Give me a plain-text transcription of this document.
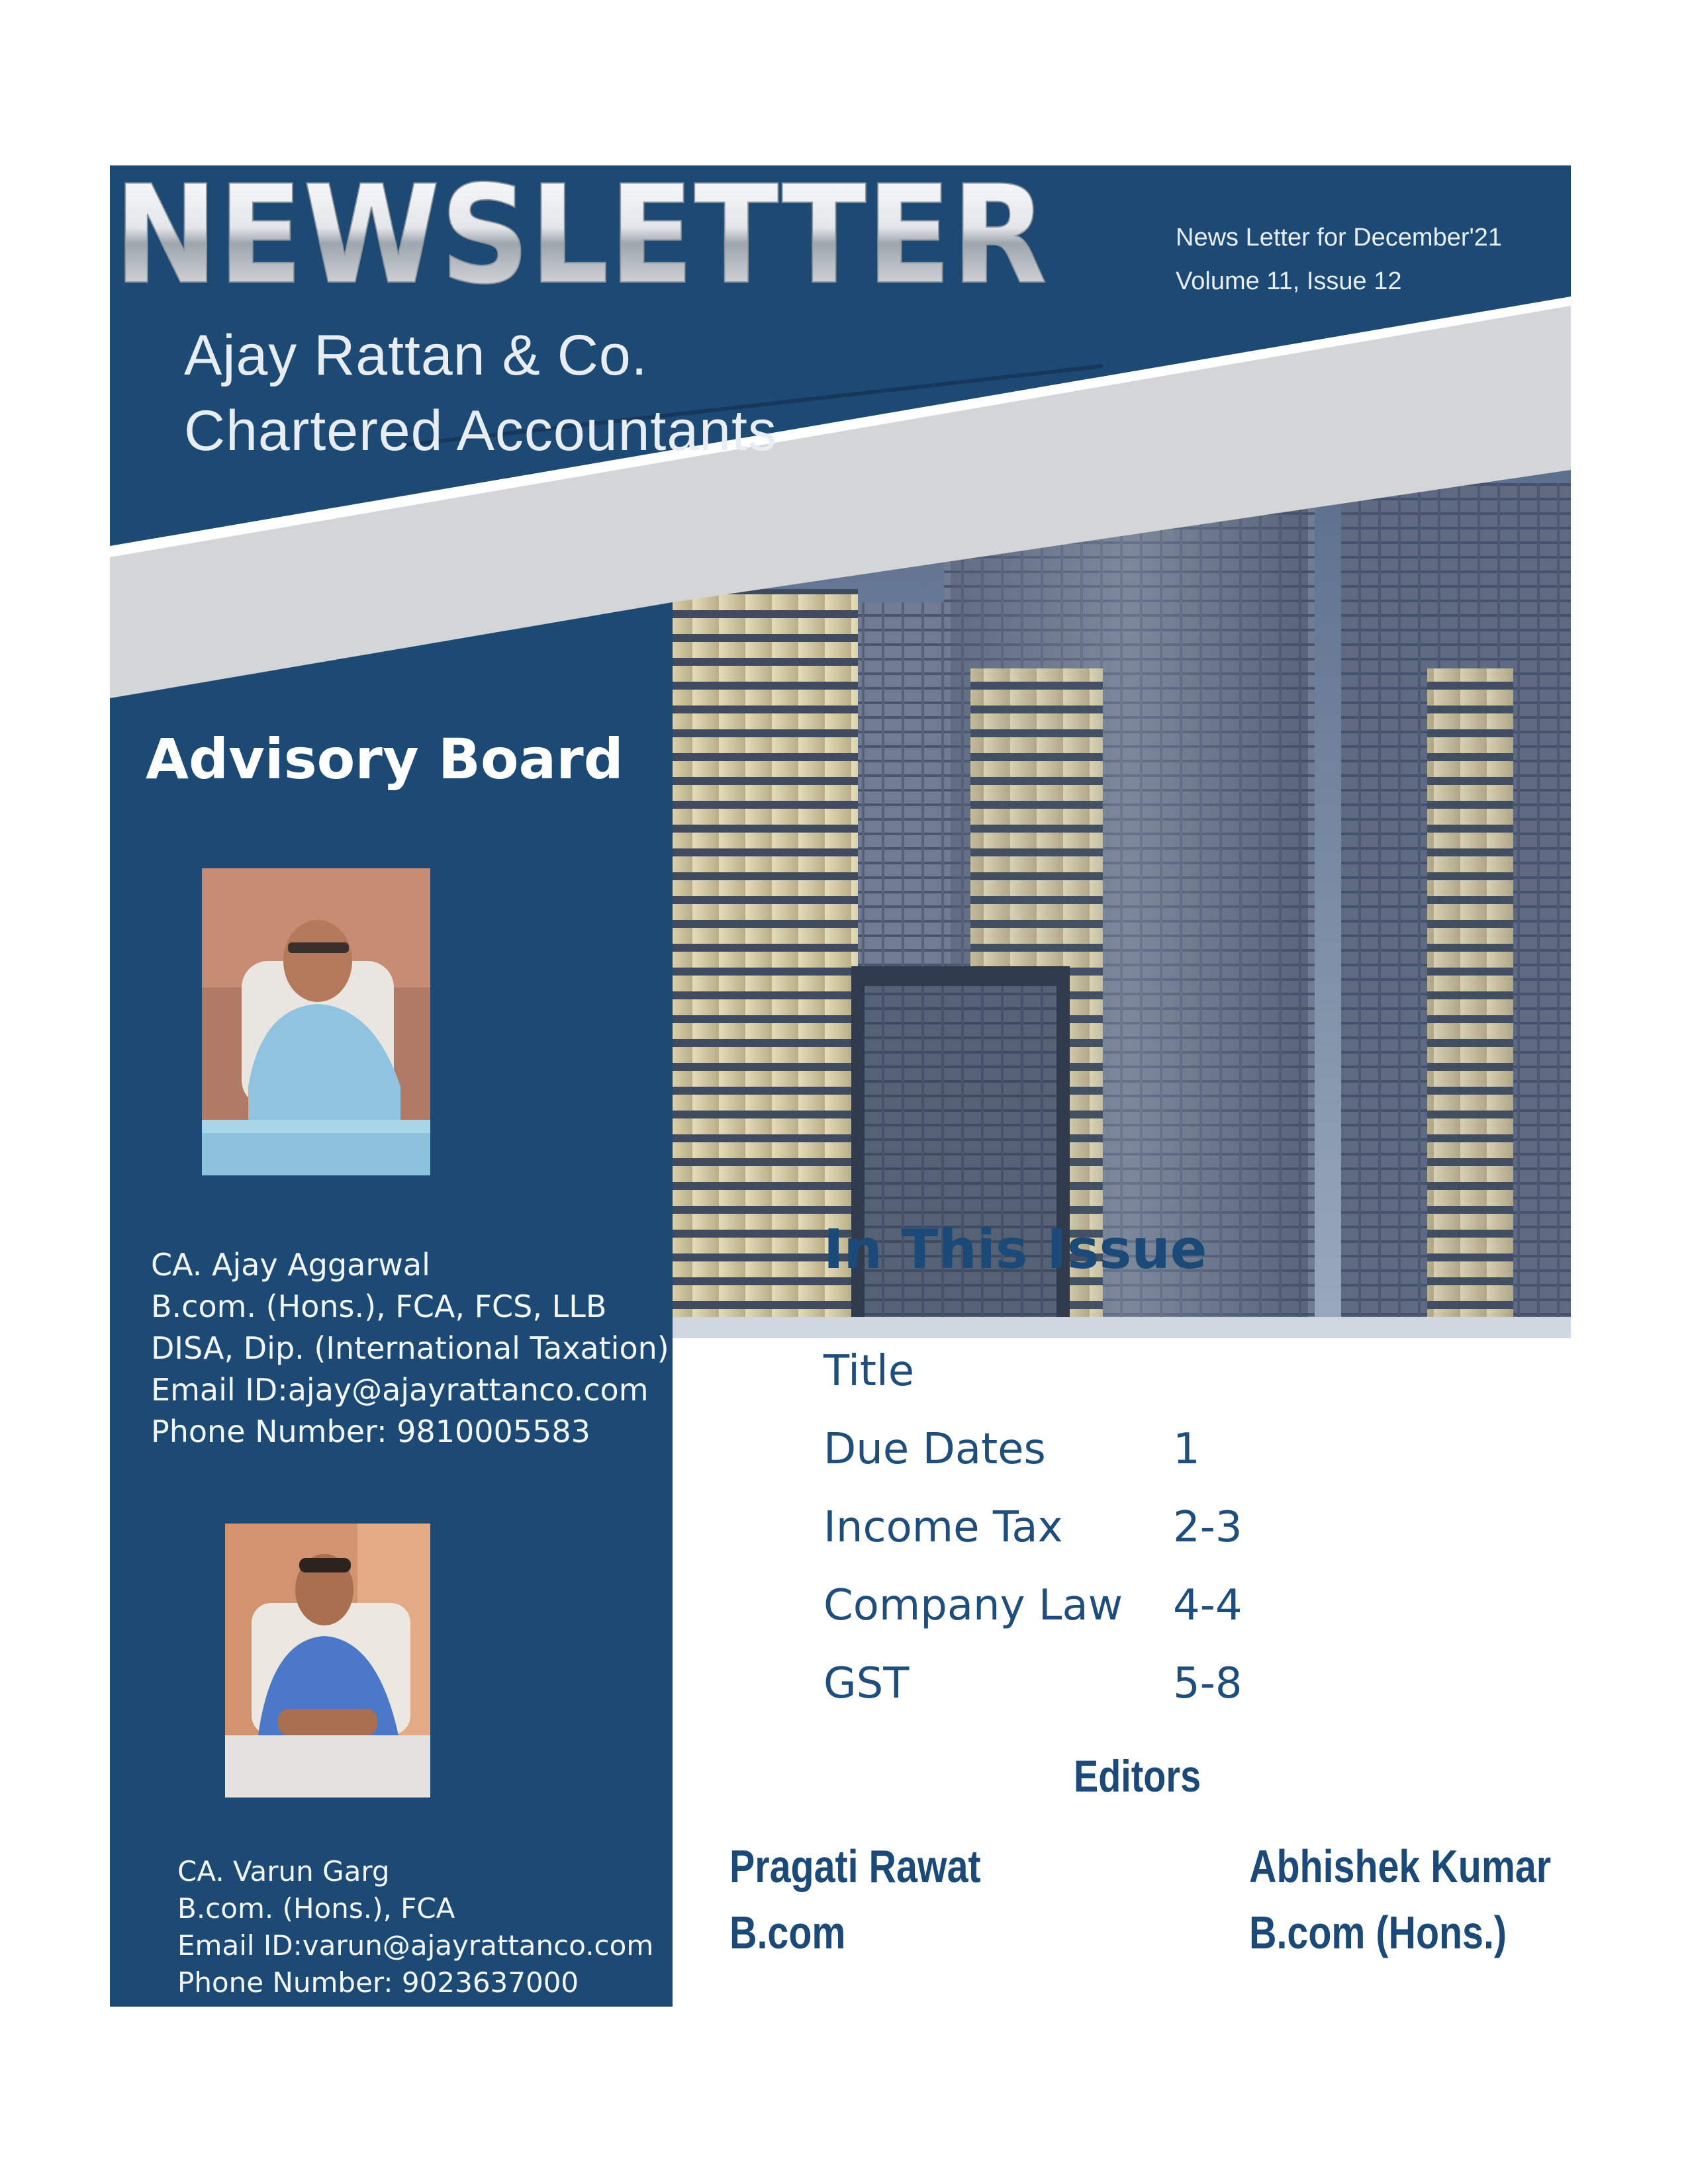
NEWSLETTER
Ajay Rattan & Co.
Chartered Accountants
News Letter for December'21
Volume 11, Issue 12
Advisory Board
CA. Ajay Aggarwal
B.com. (Hons.), FCA, FCS, LLB
DISA, Dip. (International Taxation)
Email ID:ajay@ajayrattanco.com
Phone Number: 9810005583
CA. Varun Garg
B.com. (Hons.), FCA
Email ID:varun@ajayrattanco.com
Phone Number: 9023637000
In This Issue
Title
Due Dates	1
Income Tax	2-3
Company Law 4-4
GST	5-8
Editors
Pragati Rawat
B.com
Abhishek Kumar
B.com (Hons.)
